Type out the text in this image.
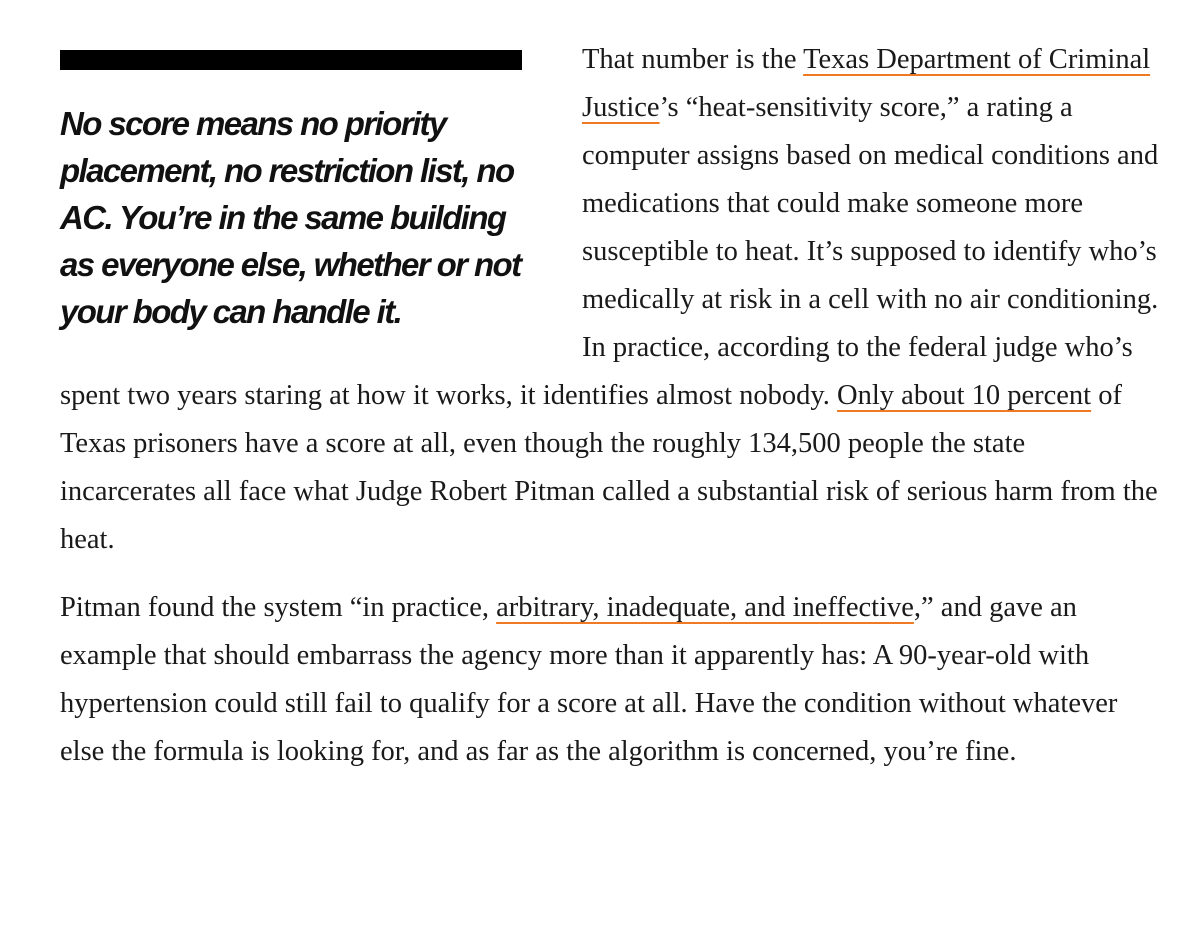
No score means no priority placement, no restriction list, no AC. You’re in the same building as everyone else, whether or not your body can handle it.

That number is the Texas Department of Criminal Justice’s “heat-sensitivity score,” a rating a computer assigns based on medical conditions and medications that could make someone more susceptible to heat. It’s supposed to identify who’s medically at risk in a cell with no air conditioning. In practice, according to the federal judge who’s spent two years staring at how it works, it identifies almost nobody. Only about 10 percent of Texas prisoners have a score at all, even though the roughly 134,500 people the state incarcerates all face what Judge Robert Pitman called a substantial risk of serious harm from the heat.

Pitman found the system “in practice, arbitrary, inadequate, and ineffective,” and gave an example that should embarrass the agency more than it apparently has: A 90-year-old with hypertension could still fail to qualify for a score at all. Have the condition without whatever else the formula is looking for, and as far as the algorithm is concerned, you’re fine.
